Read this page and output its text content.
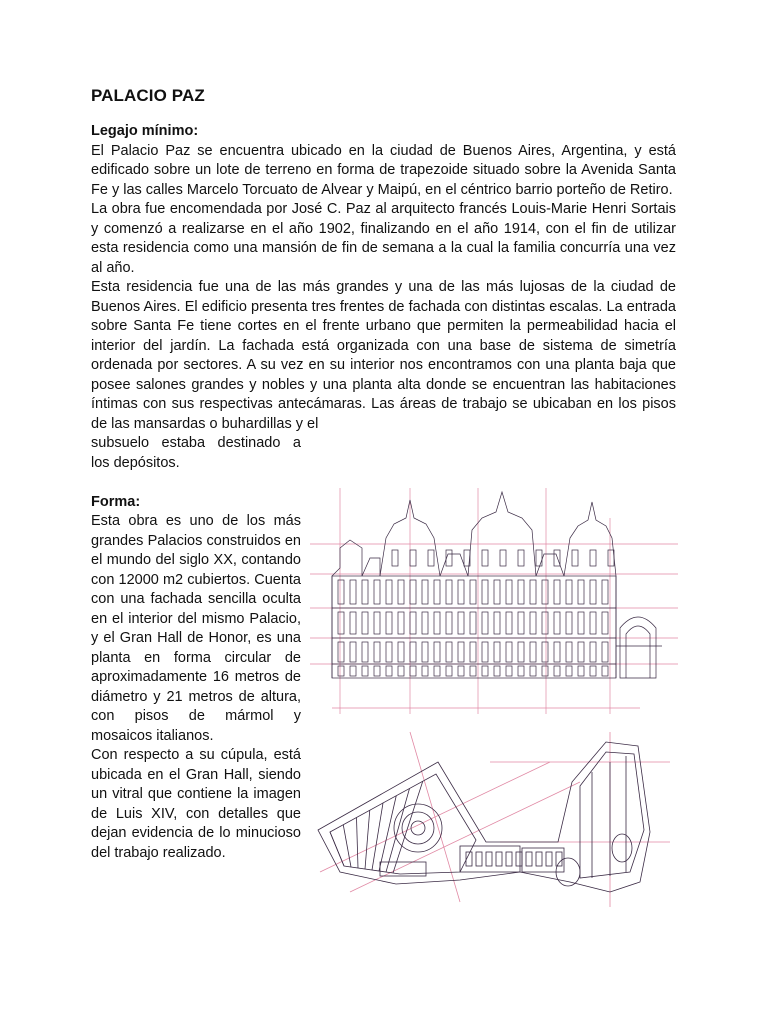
PALACIO PAZ
Legajo mínimo:

El Palacio Paz se encuentra ubicado en la ciudad de Buenos Aires, Argentina, y está edificado sobre un lote de terreno en forma de trapezoide situado sobre la Avenida Santa Fe y las calles Marcelo Torcuato de Alvear y Maipú, en el céntrico barrio porteño de Retiro.

La obra fue encomendada por José C. Paz al arquitecto francés Louis-Marie Henri Sortais y comenzó a realizarse en el año 1902, finalizando en el año 1914, con el fin de utilizar esta residencia como una mansión de fin de semana a la cual la familia concurría una vez al año.

Esta residencia fue una de las más grandes y una de las más lujosas de la ciudad de Buenos Aires. El edificio presenta tres frentes de fachada con distintas escalas. La entrada sobre Santa Fe tiene cortes en el frente urbano que permiten la permeabilidad hacia el interior del jardín. La fachada está organizada con una base de sistema de simetría ordenada por sectores. A su vez en su interior nos encontramos con una planta baja que posee salones grandes y nobles y una planta alta donde se encuentran las habitaciones íntimas con sus respectivas antecámaras. Las áreas de trabajo se ubicaban en los pisos de las mansardas o buhardillas y el

subsuelo estaba destinado a

los depósitos.

Forma:

Esta obra es uno de los más grandes Palacios construidos en el mundo del siglo XX, contando con 12000 m2 cubiertos. Cuenta con una fachada sencilla oculta en el interior del mismo Palacio, y el Gran Hall de Honor, es una planta en forma circular de aproximadamente 16 metros de diámetro y 21 metros de altura, con pisos de mármol y mosaicos italianos.

Con respecto a su cúpula, está ubicada en el Gran Hall, siendo un vitral que contiene la imagen de Luis XIV, con detalles que dejan evidencia de lo minucioso del trabajo realizado.
